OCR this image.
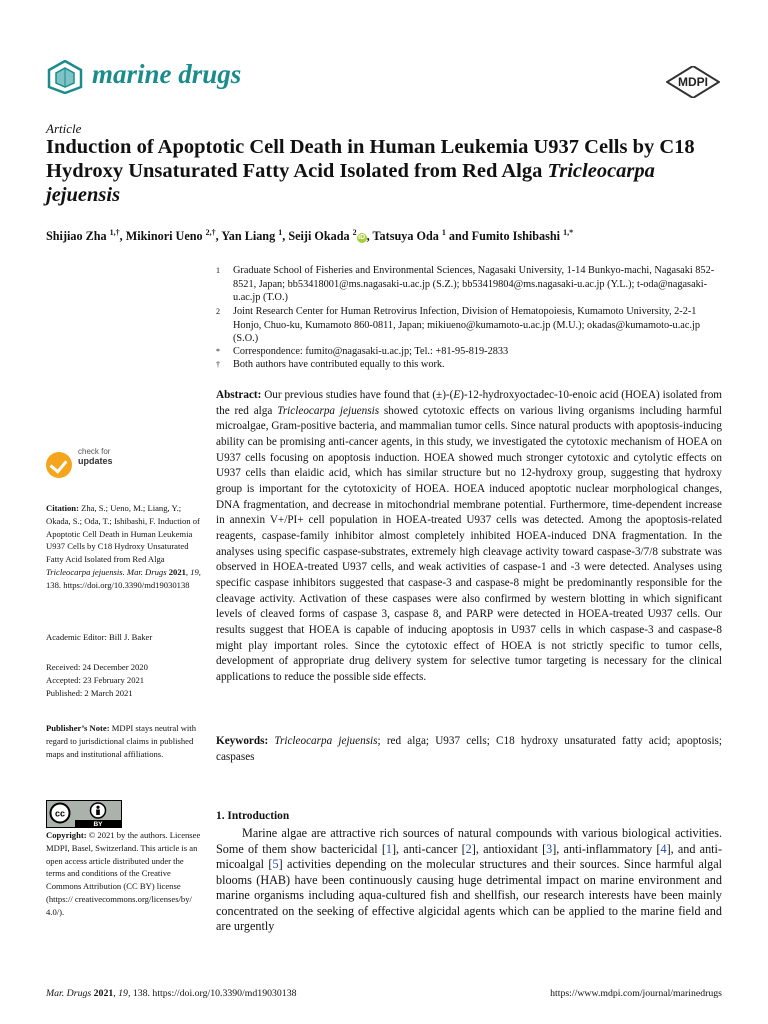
marine drugs	MDPI
Article
Induction of Apoptotic Cell Death in Human Leukemia U937 Cells by C18 Hydroxy Unsaturated Fatty Acid Isolated from Red Alga Tricleocarpa jejuensis
Shijiao Zha $^{1,\dagger}$, Mikinori Ueno $^{2,\dagger}$, Yan Liang $^1$, Seiji Okada $^2$iD , Tatsuya Oda $^1$ and Fumito Ishibashi $^{1,*}$
1 Graduate School of Fisheries and Environmental Sciences, Nagasaki University, 1-14 Bunkyo-machi, Nagasaki 852-8521, Japan; bb53418001@ms.nagasaki-u.ac.jp (S.Z.); bb53419804@ms.nagasaki-u.ac.jp (Y.L.); t-oda@nagasaki-u.ac.jp (T.O.)
2 Joint Research Center for Human Retrovirus Infection, Division of Hematopoiesis, Kumamoto University, 2-2-1 Honjo, Chuo-ku, Kumamoto 860-0811, Japan; mikiueno@kumamoto-u.ac.jp (M.U.); okadas@kumamoto-u.ac.jp (S.O.)
* Correspondence: fumito@nagasaki-u.ac.jp; Tel.: +81-95-819-2833
† Both authors have contributed equally to this work.
Abstract: Our previous studies have found that (±)-(E)-12-hydroxyoctadec-10-enoic acid (HOEA) isolated from the red alga Tricleocarpa jejuensis showed cytotoxic effects on various living organisms including harmful microalgae, Gram-positive bacteria, and mammalian tumor cells. Since natural products with apoptosis-inducing ability can be promising anti-cancer agents, in this study, we investigated the cytotoxic mechanism of HOEA on U937 cells focusing on apoptosis induction. HOEA showed much stronger cytotoxic and cytolytic effects on U937 cells than elaidic acid, which has similar structure but no 12-hydroxy group, suggesting that hydroxy group is important for the cytotoxicity of HOEA. HOEA induced apoptotic nuclear morphological changes, DNA fragmentation, and decrease in mitochondrial membrane potential. Furthermore, time-dependent increase in annexin V+/PI+ cell population in HOEA-treated U937 cells was detected. Among the apoptosis-related reagents, caspase-family inhibitor almost completely inhibited HOEA-induced DNA fragmentation. In the analyses using specific caspase-substrates, extremely high cleavage activity toward caspase-3/7/8 substrate was observed in HOEA-treated U937 cells, and weak activities of caspase-1 and -3 were detected. Analyses using specific caspase inhibitors suggested that caspase-3 and caspase-8 might be predominantly responsible for the cleavage activity. Activation of these caspases were also confirmed by western blotting in which significant levels of cleaved forms of caspase 3, caspase 8, and PARP were detected in HOEA-treated U937 cells. Our results suggest that HOEA is capable of inducing apoptosis in U937 cells in which caspase-3 and caspase-8 might play important roles. Since the cytotoxic effect of HOEA is not strictly specific to tumor cells, development of appropriate drug delivery system for selective tumor targeting is necessary for the clinical applications to reduce the possible side effects.
Keywords: Tricleocarpa jejuensis; red alga; U937 cells; C18 hydroxy unsaturated fatty acid; apoptosis; caspases
check for
updates
Citation: Zha, S.; Ueno, M.; Liang, Y.; Okada, S.; Oda, T.; Ishibashi, F. Induction of Apoptotic Cell Death in Human Leukemia U937 Cells by C18 Hydroxy Unsaturated Fatty Acid Isolated from Red Alga Tricleocarpa jejuensis. Mar. Drugs 2021, 19, 138. https://doi.org/10.3390/md19030138
Academic Editor: Bill J. Baker
Received: 24 December 2020
Accepted: 23 February 2021
Published: 2 March 2021
Publisher’s Note: MDPI stays neutral with regard to jurisdictional claims in published maps and institutional affiliations.
cc
BY
Copyright: © 2021 by the authors. Licensee MDPI, Basel, Switzerland. This article is an open access article distributed under the terms and conditions of the Creative Commons Attribution (CC BY) license (https:// creativecommons.org/licenses/by/ 4.0/).
1. Introduction
Marine algae are attractive rich sources of natural compounds with various biological activities. Some of them show bactericidal [1], anti-cancer [2], antioxidant [3], anti-inflammatory [4], and anti-micoalgal [5] activities depending on the molecular structures and their sources. Since harmful algal blooms (HAB) have been continuously causing huge detrimental impact on marine environment and marine organisms including aqua-cultured fish and shellfish, our research interests have been mainly concentrated on the seeking of effective algicidal agents which can be applied to the marine field and are urgently
Mar. Drugs 2021, 19, 138. https://doi.org/10.3390/md19030138	https://www.mdpi.com/journal/marinedrugs
